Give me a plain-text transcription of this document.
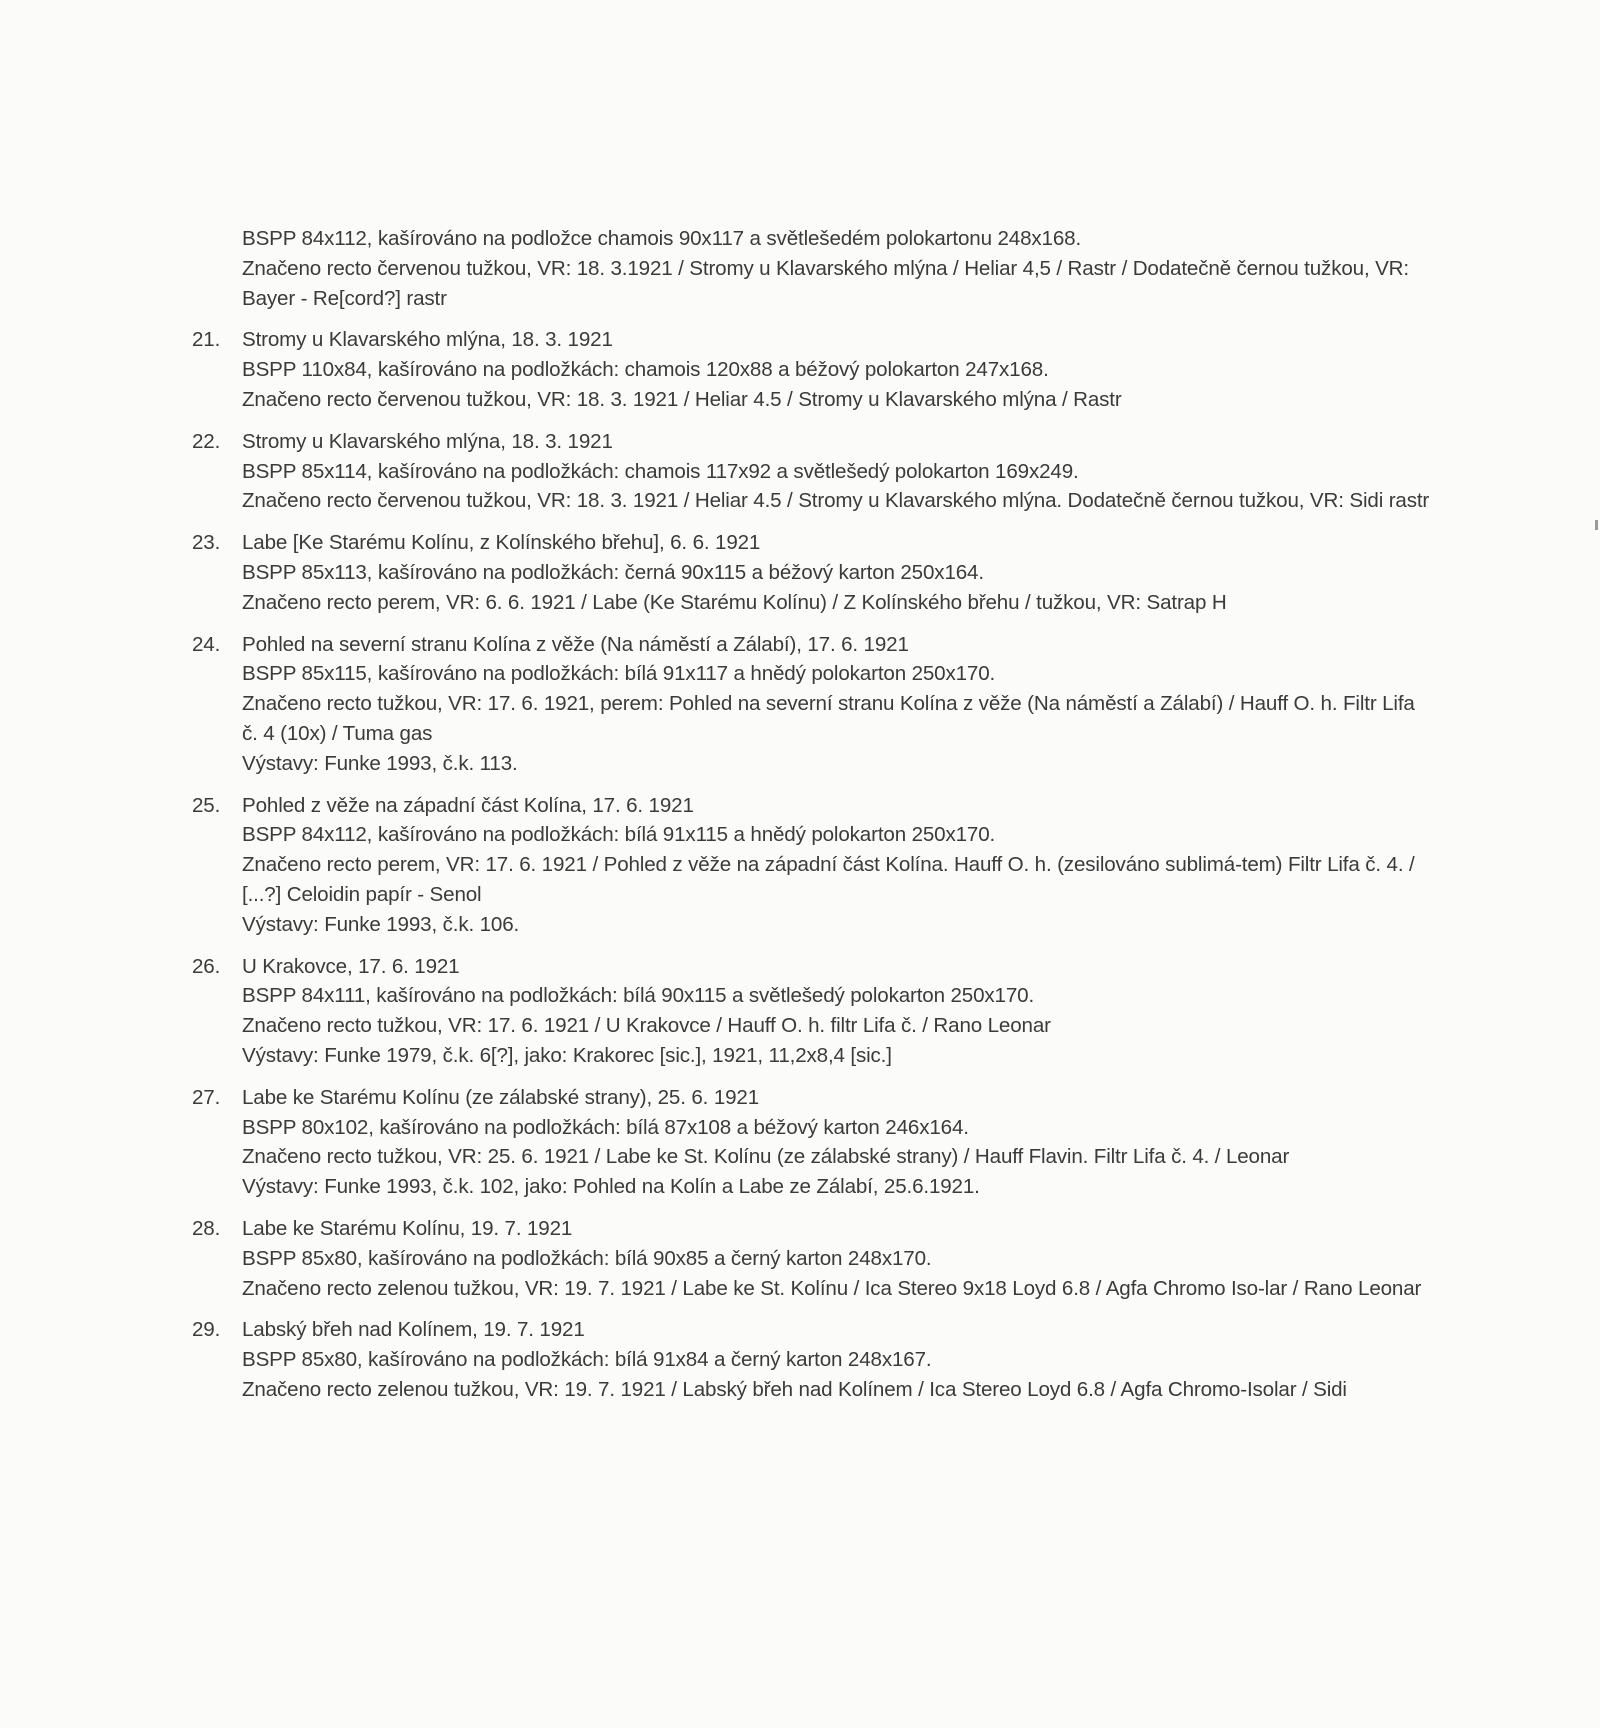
BSPP 84x112, kašírováno na podložce chamois 90x117 a světlešedém polokartonu 248x168.
Značeno recto červenou tužkou, VR: 18. 3.1921 / Stromy u Klavarského mlýna / Heliar 4,5 / Rastr / Dodatečně černou tužkou, VR: Bayer - Re[cord?] rastr
21.	Stromy u Klavarského mlýna, 18. 3. 1921
BSPP 110x84, kašírováno na podložkách: chamois 120x88 a béžový polokarton 247x168.
Značeno recto červenou tužkou, VR: 18. 3. 1921 / Heliar 4.5 / Stromy u Klavarského mlýna / Rastr
22.	Stromy u Klavarského mlýna, 18. 3. 1921
BSPP 85x114, kašírováno na podložkách: chamois 117x92 a světlešedý polokarton 169x249.
Značeno recto červenou tužkou, VR: 18. 3. 1921 / Heliar 4.5 / Stromy u Klavarského mlýna. Dodatečně černou tužkou, VR: Sidi rastr
23.	Labe [Ke Starému Kolínu, z Kolínského břehu], 6. 6. 1921
BSPP 85x113, kašírováno na podložkách: černá 90x115 a béžový karton 250x164.
Značeno recto perem, VR: 6. 6. 1921 / Labe (Ke Starému Kolínu) / Z Kolínského břehu / tužkou, VR: Satrap H
24.	Pohled na severní stranu Kolína z věže (Na náměstí a Zálabí), 17. 6. 1921
BSPP 85x115, kašírováno na podložkách: bílá 91x117 a hnědý polokarton 250x170.
Značeno recto tužkou, VR: 17. 6. 1921, perem: Pohled na severní stranu Kolína z věže (Na náměstí a Zálabí) / Hauff O. h. Filtr Lifa č. 4 (10x) / Tuma gas
Výstavy: Funke 1993, č.k. 113.
25.	Pohled z věže na západní část Kolína, 17. 6. 1921
BSPP 84x112, kašírováno na podložkách: bílá 91x115 a hnědý polokarton 250x170.
Značeno recto perem, VR: 17. 6. 1921 / Pohled z věže na západní část Kolína. Hauff O. h. (zesilováno sublimá-tem) Filtr Lifa č. 4. / [...?] Celoidin papír - Senol
Výstavy: Funke 1993, č.k. 106.
26.	U Krakovce, 17. 6. 1921
BSPP 84x111, kašírováno na podložkách: bílá 90x115 a světlešedý polokarton 250x170.
Značeno recto tužkou, VR: 17. 6. 1921 / U Krakovce / Hauff O. h. filtr Lifa č. / Rano Leonar
Výstavy: Funke 1979, č.k. 6[?], jako: Krakorec [sic.], 1921, 11,2x8,4 [sic.]
27.	Labe ke Starému Kolínu (ze zálabské strany), 25. 6. 1921
BSPP 80x102, kašírováno na podložkách: bílá 87x108 a béžový karton 246x164.
Značeno recto tužkou, VR: 25. 6. 1921 / Labe ke St. Kolínu (ze zálabské strany) / Hauff Flavin. Filtr Lifa č. 4. / Leonar
Výstavy: Funke 1993, č.k. 102, jako: Pohled na Kolín a Labe ze Zálabí, 25.6.1921.
28.	Labe ke Starému Kolínu, 19. 7. 1921
BSPP 85x80, kašírováno na podložkách: bílá 90x85 a černý karton 248x170.
Značeno recto zelenou tužkou, VR: 19. 7. 1921 / Labe ke St. Kolínu / Ica Stereo 9x18 Loyd 6.8 / Agfa Chromo Iso-lar / Rano Leonar
29.	Labský břeh nad Kolínem, 19. 7. 1921
BSPP 85x80, kašírováno na podložkách: bílá 91x84 a černý karton 248x167.
Značeno recto zelenou tužkou, VR: 19. 7. 1921 / Labský břeh nad Kolínem / Ica Stereo Loyd 6.8 / Agfa Chromo-Isolar / Sidi
